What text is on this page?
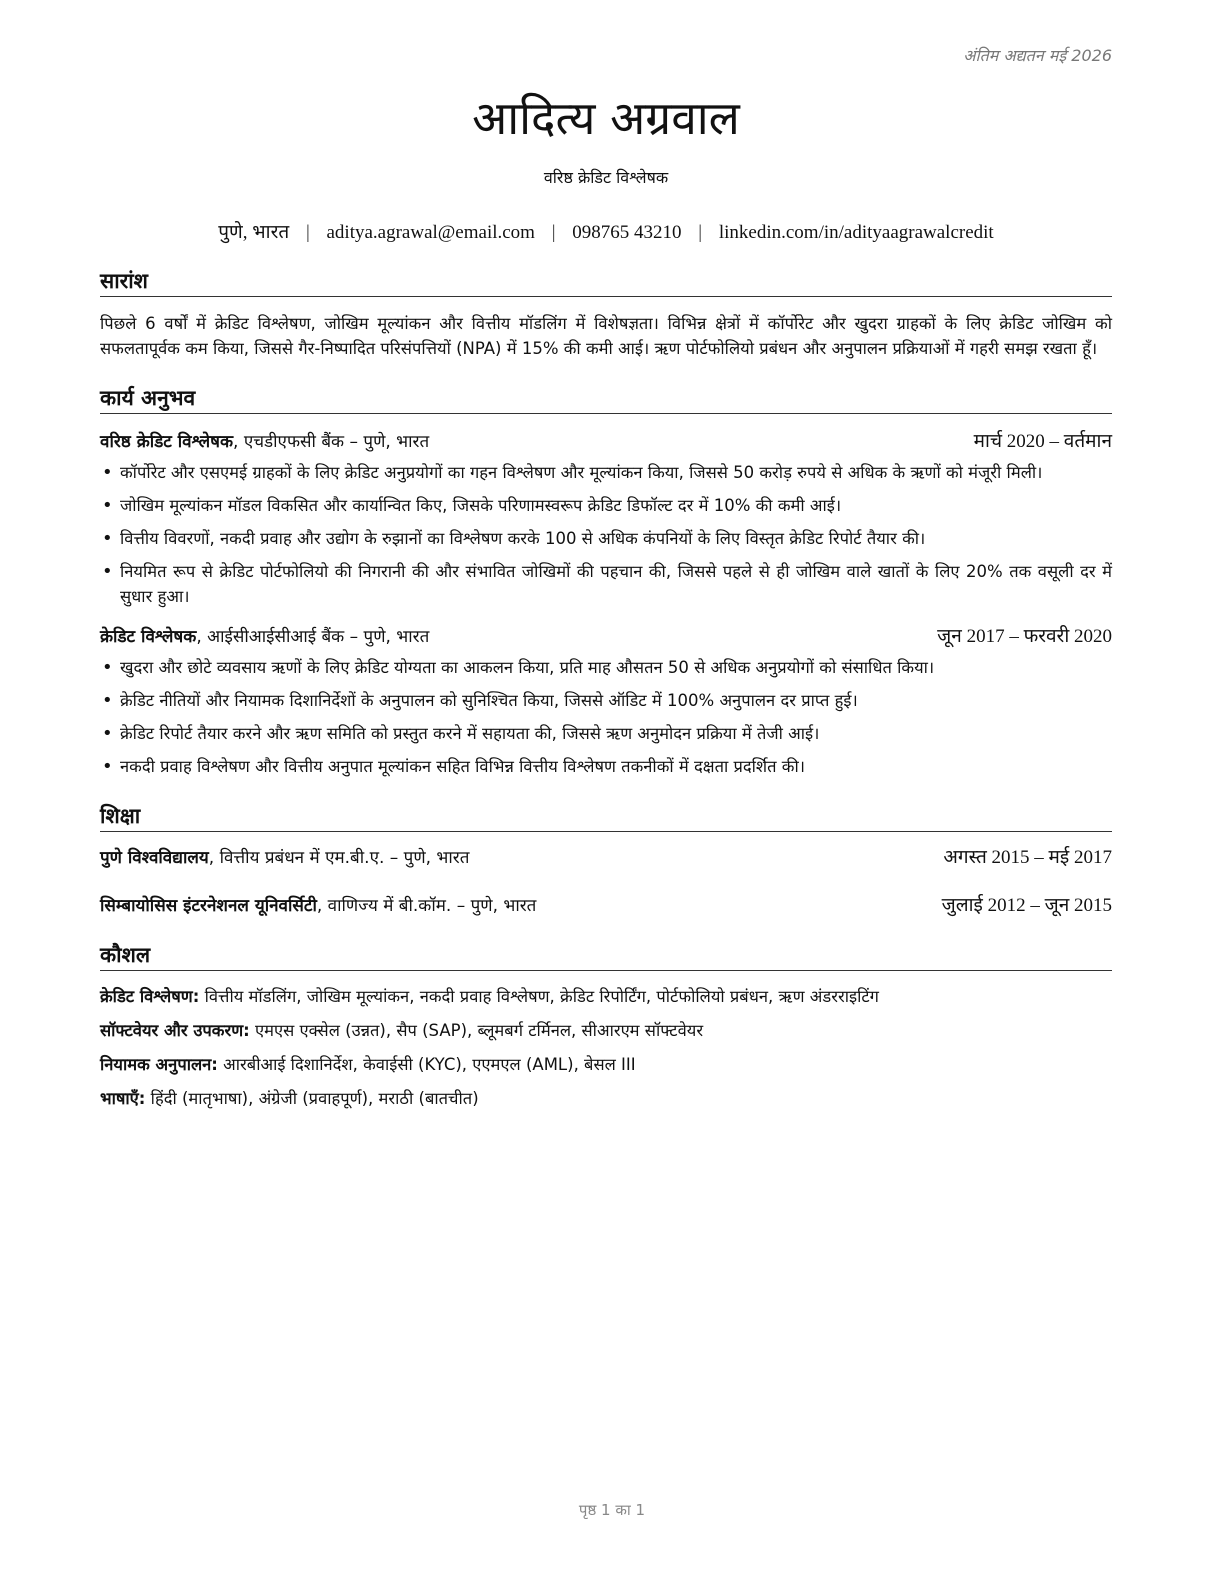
अंतिम अद्यतन मई 2026
आदित्य अग्रवाल
वरिष्ठ क्रेडिट विश्लेषक
पुणे, भारत | aditya.agrawal@email.com | 098765 43210 | linkedin.com/in/adityaagrawalcredit
सारांश
पिछले 6 वर्षों में क्रेडिट विश्लेषण, जोखिम मूल्यांकन और वित्तीय मॉडलिंग में विशेषज्ञता। विभिन्न क्षेत्रों में कॉर्पोरेट और खुदरा ग्राहकों के लिए क्रेडिट जोखिम को सफलतापूर्वक कम किया, जिससे गैर-निष्पादित परिसंपत्तियों (NPA) में 15% की कमी आई। ऋण पोर्टफोलियो प्रबंधन और अनुपालन प्रक्रियाओं में गहरी समझ रखता हूँ।
कार्य अनुभव
वरिष्ठ क्रेडिट विश्लेषक, एचडीएफसी बैंक – पुणे, भारत	मार्च 2020 – वर्तमान
• कॉर्पोरेट और एसएमई ग्राहकों के लिए क्रेडिट अनुप्रयोगों का गहन विश्लेषण और मूल्यांकन किया, जिससे 50 करोड़ रुपये से अधिक के ऋणों को मंजूरी मिली।
• जोखिम मूल्यांकन मॉडल विकसित और कार्यान्वित किए, जिसके परिणामस्वरूप क्रेडिट डिफॉल्ट दर में 10% की कमी आई।
• वित्तीय विवरणों, नकदी प्रवाह और उद्योग के रुझानों का विश्लेषण करके 100 से अधिक कंपनियों के लिए विस्तृत क्रेडिट रिपोर्ट तैयार की।
• नियमित रूप से क्रेडिट पोर्टफोलियो की निगरानी की और संभावित जोखिमों की पहचान की, जिससे पहले से ही जोखिम वाले खातों के लिए 20% तक वसूली दर में सुधार हुआ।
क्रेडिट विश्लेषक, आईसीआईसीआई बैंक – पुणे, भारत	जून 2017 – फरवरी 2020
• खुदरा और छोटे व्यवसाय ऋणों के लिए क्रेडिट योग्यता का आकलन किया, प्रति माह औसतन 50 से अधिक अनुप्रयोगों को संसाधित किया।
• क्रेडिट नीतियों और नियामक दिशानिर्देशों के अनुपालन को सुनिश्चित किया, जिससे ऑडिट में 100% अनुपालन दर प्राप्त हुई।
• क्रेडिट रिपोर्ट तैयार करने और ऋण समिति को प्रस्तुत करने में सहायता की, जिससे ऋण अनुमोदन प्रक्रिया में तेजी आई।
• नकदी प्रवाह विश्लेषण और वित्तीय अनुपात मूल्यांकन सहित विभिन्न वित्तीय विश्लेषण तकनीकों में दक्षता प्रदर्शित की।
शिक्षा
पुणे विश्वविद्यालय, वित्तीय प्रबंधन में एम.बी.ए. – पुणे, भारत	अगस्त 2015 – मई 2017
सिम्बायोसिस इंटरनेशनल यूनिवर्सिटी, वाणिज्य में बी.कॉम. – पुणे, भारत	जुलाई 2012 – जून 2015
कौशल
क्रेडिट विश्लेषण: वित्तीय मॉडलिंग, जोखिम मूल्यांकन, नकदी प्रवाह विश्लेषण, क्रेडिट रिपोर्टिंग, पोर्टफोलियो प्रबंधन, ऋण अंडरराइटिंग
सॉफ्टवेयर और उपकरण: एमएस एक्सेल (उन्नत), सैप (SAP), ब्लूमबर्ग टर्मिनल, सीआरएम सॉफ्टवेयर
नियामक अनुपालन: आरबीआई दिशानिर्देश, केवाईसी (KYC), एएमएल (AML), बेसल III
भाषाएँ: हिंदी (मातृभाषा), अंग्रेजी (प्रवाहपूर्ण), मराठी (बातचीत)
पृष्ठ 1 का 1
